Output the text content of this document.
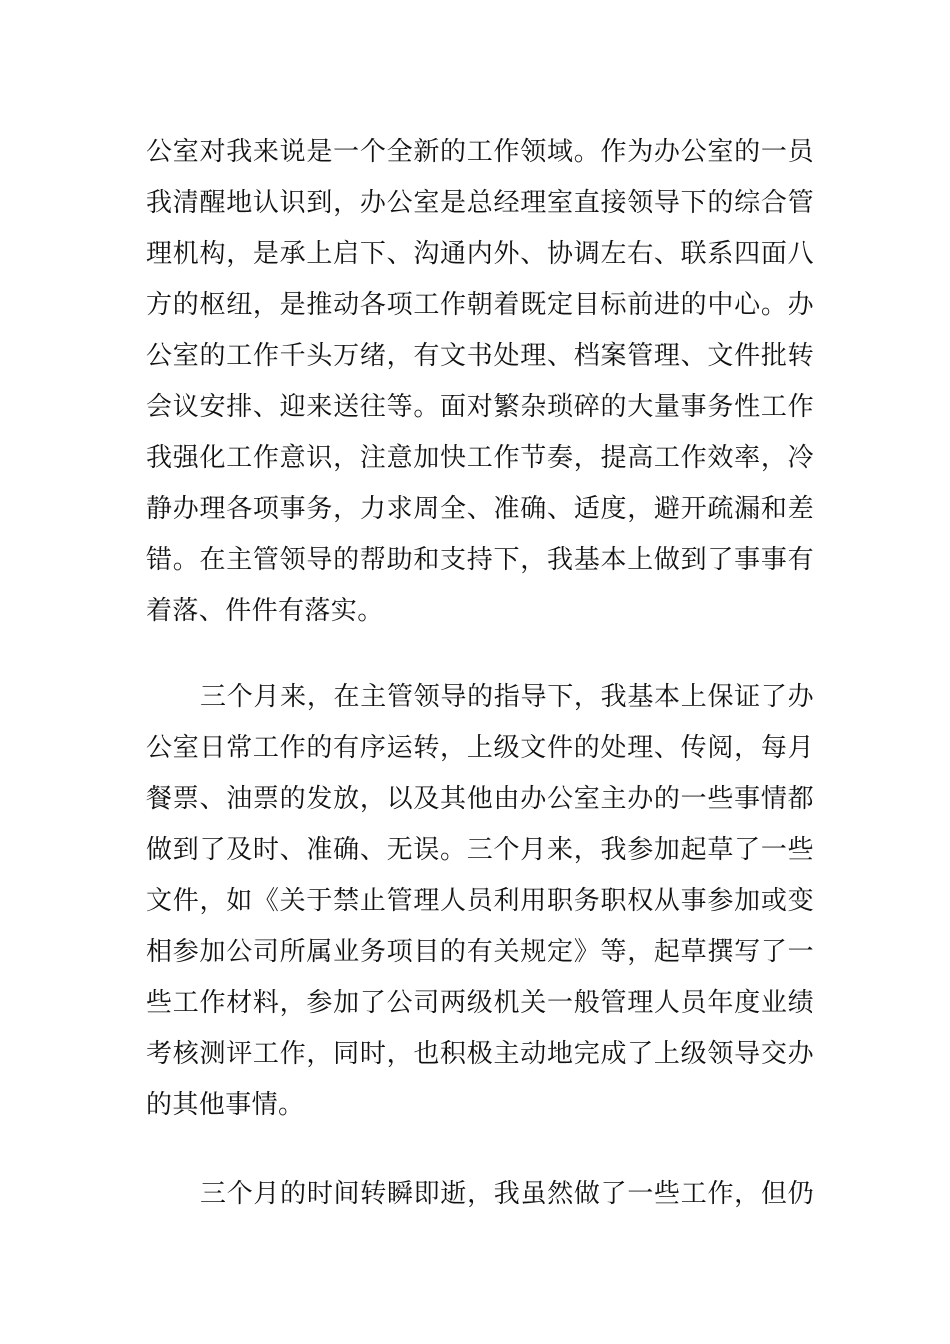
公室对我来说是一个全新的工作领域。作为办公室的一员
我清醒地认识到，办公室是总经理室直接领导下的综合管
理机构，是承上启下、沟通内外、协调左右、联系四面八
方的枢纽，是推动各项工作朝着既定目标前进的中心。办
公室的工作千头万绪，有文书处理、档案管理、文件批转
会议安排、迎来送往等。面对繁杂琐碎的大量事务性工作
我强化工作意识，注意加快工作节奏，提高工作效率，冷
静办理各项事务，力求周全、准确、适度，避开疏漏和差
错。在主管领导的帮助和支持下，我基本上做到了事事有
着落、件件有落实。
三个月来，在主管领导的指导下，我基本上保证了办
公室日常工作的有序运转，上级文件的处理、传阅，每月
餐票、油票的发放，以及其他由办公室主办的一些事情都
做到了及时、准确、无误。三个月来，我参加起草了一些
文件，如《关于禁止管理人员利用职务职权从事参加或变
相参加公司所属业务项目的有关规定》等，起草撰写了一
些工作材料，参加了公司两级机关一般管理人员年度业绩
考核测评工作，同时，也积极主动地完成了上级领导交办
的其他事情。
三个月的时间转瞬即逝，我虽然做了一些工作，但仍
